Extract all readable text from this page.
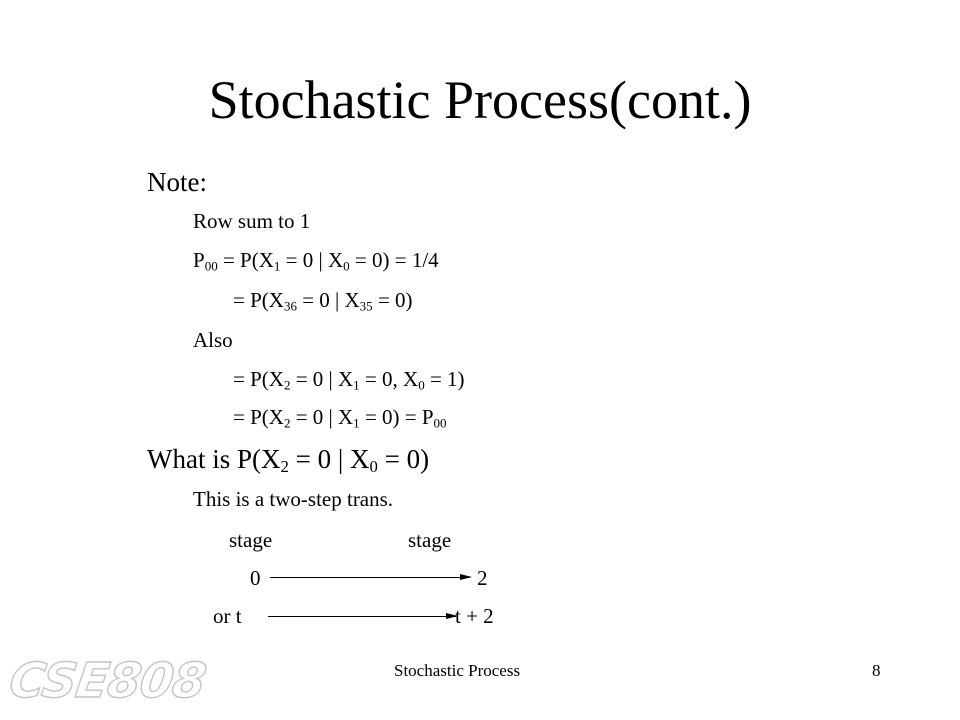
Stochastic Process(cont.)
Note:
Row sum to 1
$P_{00} = P(X_1 = 0$ | $X_0 = 0) = 1/4$
= $P(X_{36} = 0$ | $X_{35} = 0$)
Also
= $P(X_2 = 0$ | $X_1 = 0$, $X_0 = 1$)
= $P(X_2 = 0$ | $X_1 = 0) = P_{00}$
What is $P(X_2 = 0$ | $X_0 = 0$)
This is a two-step trans.
stage	stage
0	2
or t	t + 2
CSE808	Stochastic Process	8
